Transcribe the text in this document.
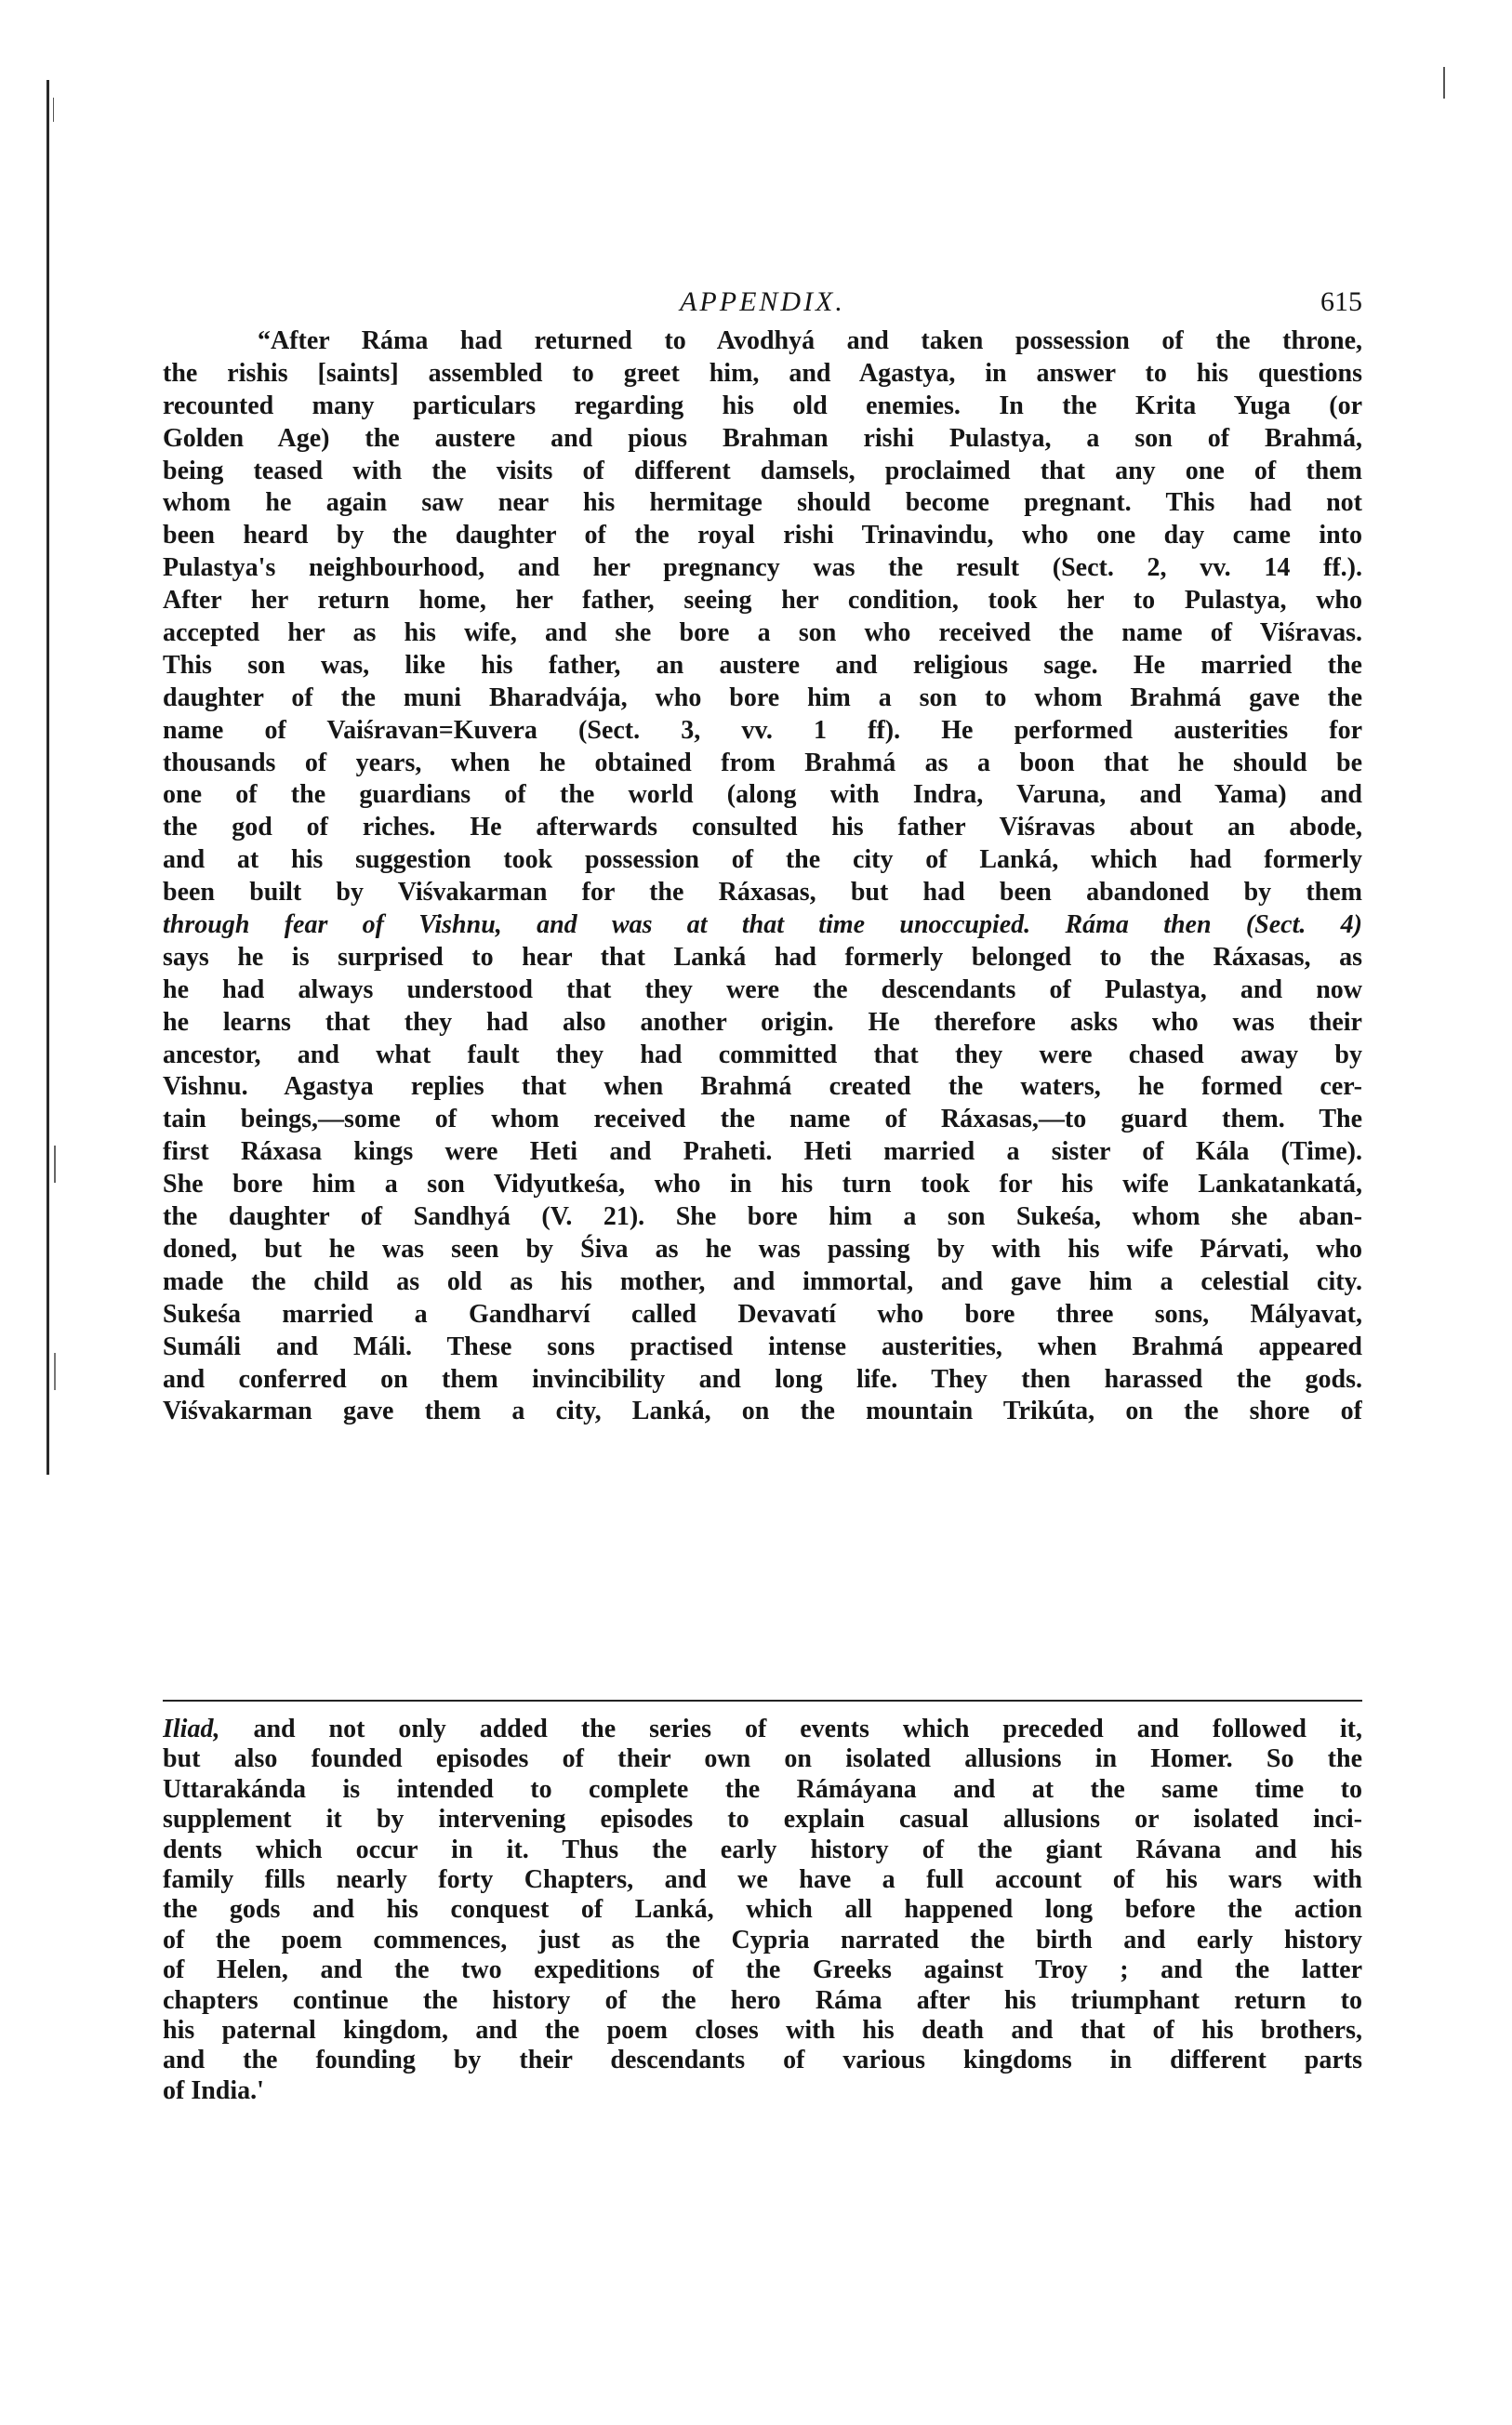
APPENDIX.	615
“After Ráma had returned to Avodhyá and taken possession of the throne,
the rishis [saints] assembled to greet him, and Agastya, in answer to his questions
recounted many particulars regarding his old enemies. In the Krita Yuga (or
Golden Age) the austere and pious Brahman rishi Pulastya, a son of Brahmá,
being teased with the visits of different damsels, proclaimed that any one of them
whom he again saw near his hermitage should become pregnant. This had not
been heard by the daughter of the royal rishi Trinavindu, who one day came into
Pulastya's neighbourhood, and her pregnancy was the result (Sect. 2, vv. 14 ff.).
After her return home, her father, seeing her condition, took her to Pulastya, who
accepted her as his wife, and she bore a son who received the name of Viśravas.
This son was, like his father, an austere and religious sage. He married the
daughter of the muni Bharadvája, who bore him a son to whom Brahmá gave the
name of Vaiśravan=Kuvera (Sect. 3, vv. 1 ff). He performed austerities for
thousands of years, when he obtained from Brahmá as a boon that he should be
one of the guardians of the world (along with Indra, Varuna, and Yama) and
the god of riches. He afterwards consulted his father Viśravas about an abode,
and at his suggestion took possession of the city of Lanká, which had formerly
been built by Viśvakarman for the Ráxasas, but had been abandoned by them
through fear of Vishnu, and was at that time unoccupied. Ráma then (Sect. 4)
says he is surprised to hear that Lanká had formerly belonged to the Ráxasas, as
he had always understood that they were the descendants of Pulastya, and now
he learns that they had also another origin. He therefore asks who was their
ancestor, and what fault they had committed that they were chased away by
Vishnu. Agastya replies that when Brahmá created the waters, he formed cer-
tain beings,—some of whom received the name of Ráxasas,—to guard them. The
first Ráxasa kings were Heti and Praheti. Heti married a sister of Kála (Time).
She bore him a son Vidyutkeśa, who in his turn took for his wife Lankatankatá,
the daughter of Sandhyá (V. 21). She bore him a son Sukeśa, whom she aban-
doned, but he was seen by Śiva as he was passing by with his wife Párvati, who
made the child as old as his mother, and immortal, and gave him a celestial city.
Sukeśa married a Gandharví called Devavatí who bore three sons, Mályavat,
Sumáli and Máli. These sons practised intense austerities, when Brahmá appeared
and conferred on them invincibility and long life. They then harassed the gods.
Viśvakarman gave them a city, Lanká, on the mountain Trikúta, on the shore of
Iliad, and not only added the series of events which preceded and followed it,
but also founded episodes of their own on isolated allusions in Homer. So the
Uttarakánda is intended to complete the Rámáyana and at the same time to
supplement it by intervening episodes to explain casual allusions or isolated inci-
dents which occur in it. Thus the early history of the giant Rávana and his
family fills nearly forty Chapters, and we have a full account of his wars with
the gods and his conquest of Lanká, which all happened long before the action
of the poem commences, just as the Cypria narrated the birth and early history
of Helen, and the two expeditions of the Greeks against Troy ; and the latter
chapters continue the history of the hero Ráma after his triumphant return to
his paternal kingdom, and the poem closes with his death and that of his brothers,
and the founding by their descendants of various kingdoms in different parts
of India.'
